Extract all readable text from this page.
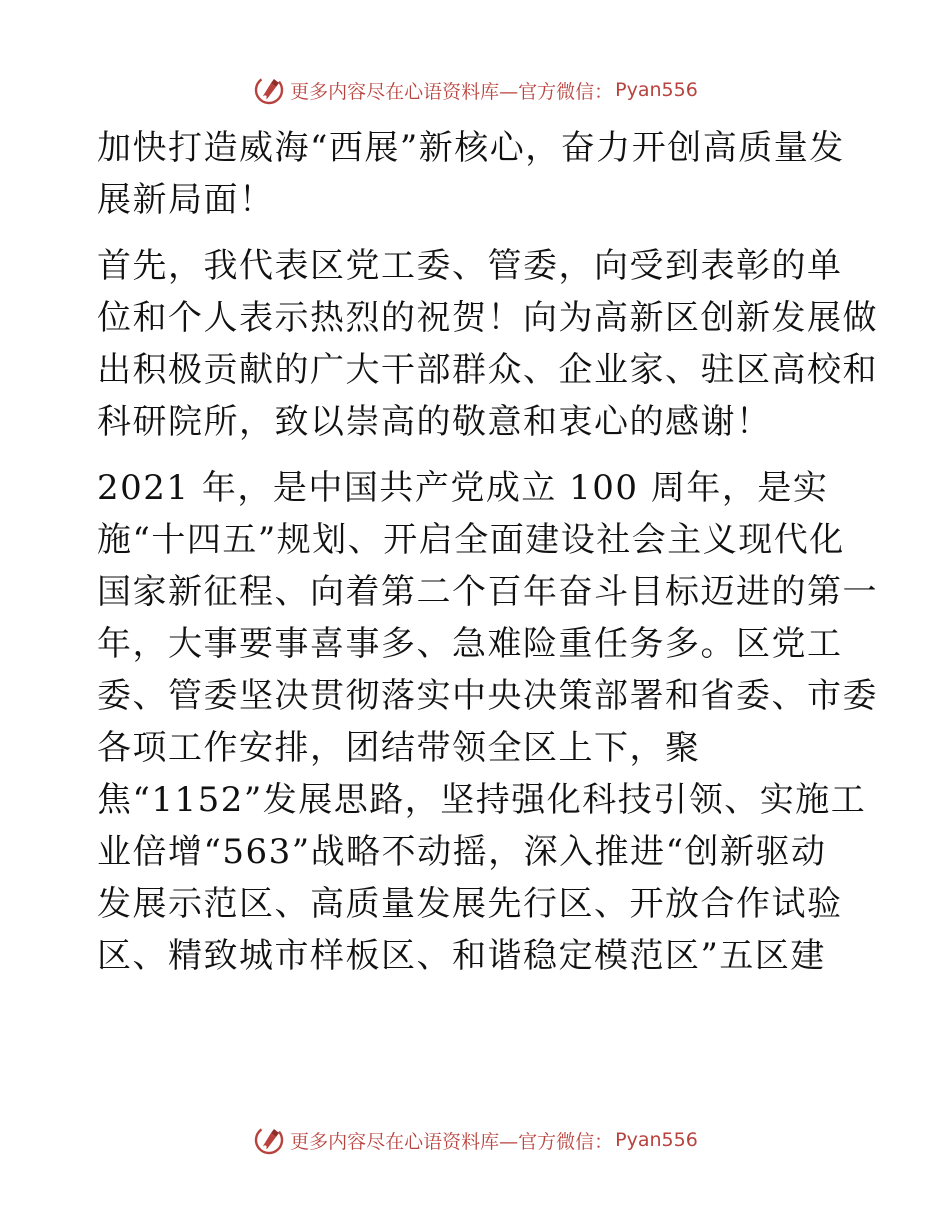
更多内容尽在心语资料库—官方微信： Pyan556
加快打造威海“西展”新核心，奋力开创高质量发
展新局面！
首先，我代表区党工委、管委，向受到表彰的单
位和个人表示热烈的祝贺！向为高新区创新发展做
出积极贡献的广大干部群众、企业家、驻区高校和
科研院所，致以崇高的敬意和衷心的感谢！
2021 年，是中国共产党成立 100 周年，是实
施“十四五”规划、开启全面建设社会主义现代化
国家新征程、向着第二个百年奋斗目标迈进的第一
年，大事要事喜事多、急难险重任务多。区党工
委、管委坚决贯彻落实中央决策部署和省委、市委
各项工作安排，团结带领全区上下，聚
焦“1152”发展思路，坚持强化科技引领、实施工
业倍增“563”战略不动摇，深入推进“创新驱动
发展示范区、高质量发展先行区、开放合作试验
区、精致城市样板区、和谐稳定模范区”五区建
更多内容尽在心语资料库—官方微信： Pyan556
